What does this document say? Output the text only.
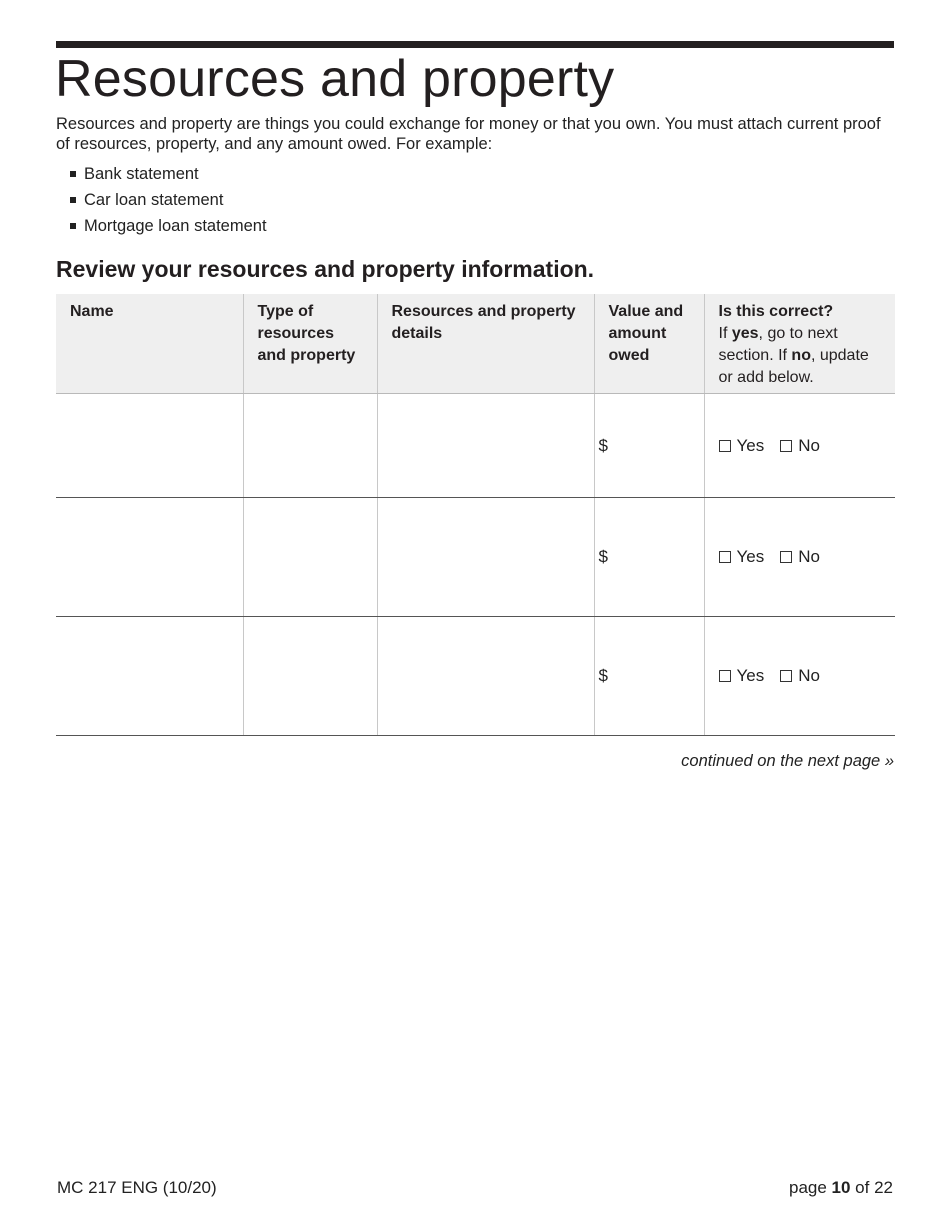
Resources and property

Resources and property are things you could exchange for money or that you own. You must attach current proof of resources, property, and any amount owed. For example:

Bank statement
Car loan statement
Mortgage loan statement
Review your resources and property information.
Name	Type of resources and property	Resources and property details	Value and amount owed	Is this correct?
If yes, go to next section. If no, update or add below.

			$	Yes No
			$	Yes No
			$	Yes No
continued on the next page »
MC 217 ENG (10/20)	page 10 of 22
